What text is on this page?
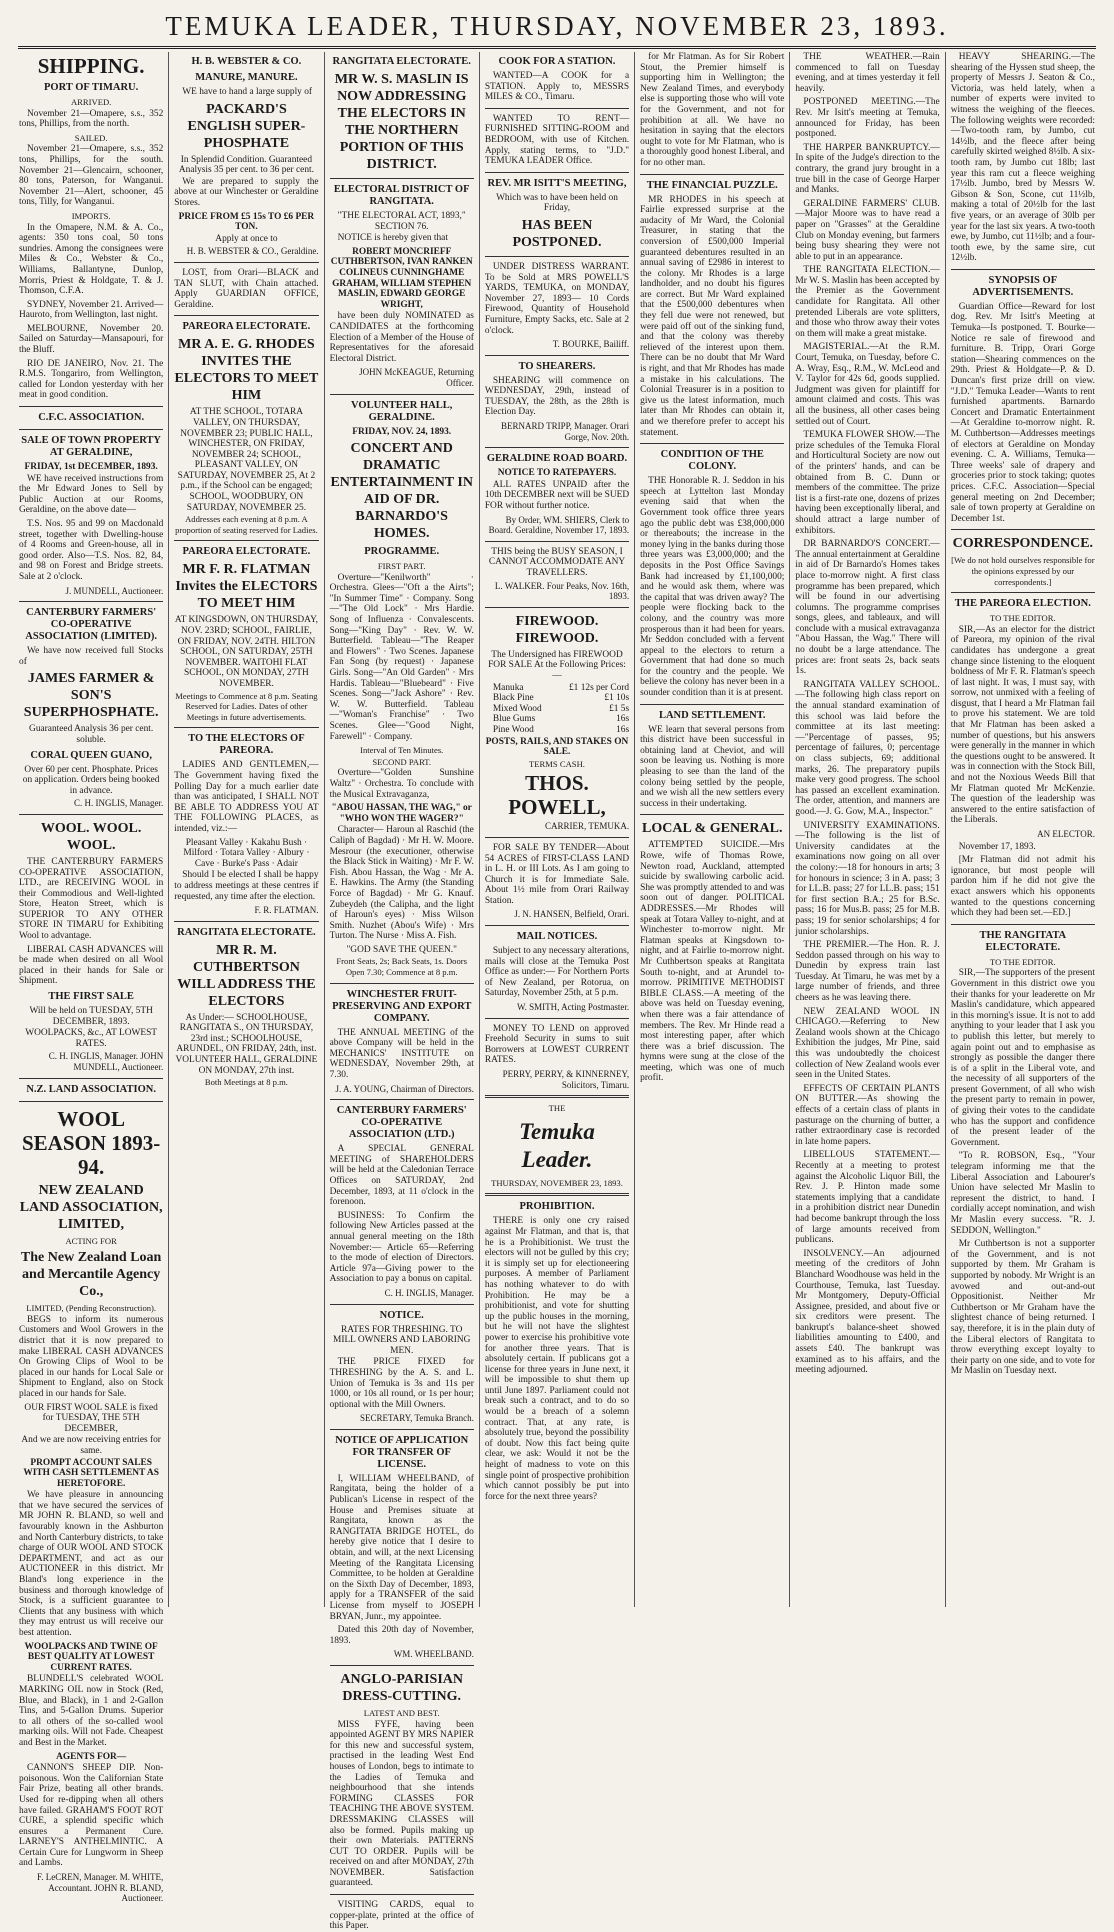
TEMUKA LEADER, THURSDAY, NOVEMBER 23, 1893.
SHIPPING.
PORT OF TIMARU.
ARRIVED.

November 21—Omapere, s.s., 352 tons, Phillips, from the north.

SAILED.

November 21—Omapere, s.s., 352 tons, Phillips, for the south. November 21—Glencairn, schooner, 80 tons, Paterson, for Wanganui. November 21—Alert, schooner, 45 tons, Tilly, for Wanganui.

IMPORTS.

In the Omapere, N.M. & A. Co., agents: 350 tons coal, 50 tons sundries. Among the consignees were Miles & Co., Webster & Co., Williams, Ballantyne, Dunlop, Morris, Priest & Holdgate, T. & J. Thomson, C.F.A.

SYDNEY, November 21. Arrived—Hauroto, from Wellington, last night.

MELBOURNE, November 20. Sailed on Saturday—Mansapouri, for the Bluff.

RIO DE JANEIRO, Nov. 21. The R.M.S. Tongariro, from Wellington, called for London yesterday with her meat in good condition.

C.F.C. ASSOCIATION.
SALE OF TOWN PROPERTY AT GERALDINE,
FRIDAY, 1st DECEMBER, 1893.

WE have received instructions from the Mr Edward Jones to Sell by Public Auction at our Rooms, Geraldine, on the above date—

T.S. Nos. 95 and 99 on Macdonald street, together with Dwelling-house of 4 Rooms and Green-house, all in good order. Also—T.S. Nos. 82, 84, and 98 on Forest and Bridge streets. Sale at 2 o'clock.

J. MUNDELL, Auctioneer.
CANTERBURY FARMERS' CO-OPERATIVE ASSOCIATION (LIMITED).

We have now received full Stocks of

JAMES FARMER & SON'S SUPERPHOSPHATE.
Guaranteed Analysis 36 per cent. soluble.
CORAL QUEEN GUANO,
Over 60 per cent. Phosphate. Prices on application. Orders being booked in advance.
C. H. INGLIS, Manager.
WOOL. WOOL. WOOL.

THE CANTERBURY FARMERS CO-OPERATIVE ASSOCIATION, LTD., are RECEIVING WOOL in their Commodious and Well-lighted Store, Heaton Street, which is SUPERIOR TO ANY OTHER STORE IN TIMARU for Exhibiting Wool to advantage.

LIBERAL CASH ADVANCES will be made when desired on all Wool placed in their hands for Sale or Shipment.

THE FIRST SALE
Will be held on TUESDAY, 5TH DECEMBER, 1893.
WOOLPACKS, &c., AT LOWEST RATES.
C. H. INGLIS, Manager. JOHN MUNDELL, Auctioneer.
N.Z. LAND ASSOCIATION.
WOOL SEASON 1893-94.
NEW ZEALAND LAND ASSOCIATION, LIMITED,
ACTING FOR
The New Zealand Loan and Mercantile Agency Co.,
LIMITED, (Pending Reconstruction).

BEGS to inform its numerous Customers and Wool Growers in the district that it is now prepared to make LIBERAL CASH ADVANCES On Growing Clips of Wool to be placed in our hands for Local Sale or Shipment to England, also on Stock placed in our hands for Sale.

OUR FIRST WOOL SALE is fixed for TUESDAY, THE 5TH DECEMBER,
And we are now receiving entries for same.
PROMPT ACCOUNT SALES WITH CASH SETTLEMENT AS HERETOFORE.

We have pleasure in announcing that we have secured the services of MR JOHN R. BLAND, so well and favourably known in the Ashburton and North Canterbury districts, to take charge of OUR WOOL AND STOCK DEPARTMENT, and act as our AUCTIONEER in this district. Mr Bland's long experience in the business and thorough knowledge of Stock, is a sufficient guarantee to Clients that any business with which they may entrust us will receive our best attention.

WOOLPACKS AND TWINE OF BEST QUALITY AT LOWEST CURRENT RATES.

BLUNDELL'S celebrated WOOL MARKING OIL now in Stock (Red, Blue, and Black), in 1 and 2-Gallon Tins, and 5-Gallon Drums. Superior to all others of the so-called wool marking oils. Will not Fade. Cheapest and Best in the Market.

AGENTS FOR—

CANNON'S SHEEP DIP. Non-poisonous. Won the Californian State Fair Prize, beating all other brands. Used for re-dipping when all others have failed. GRAHAM'S FOOT ROT CURE, a splendid specific which ensures a Permanent Cure. LARNEY'S ANTHELMINTIC. A Certain Cure for Lungworm in Sheep and Lambs.

F. LeCREN, Manager. M. WHITE, Accountant. JOHN R. BLAND, Auctioneer.
H. B. WEBSTER & CO.
MANURE, MANURE.

WE have to hand a large supply of

PACKARD'S ENGLISH SUPER-PHOSPHATE
In Splendid Condition. Guaranteed Analysis 35 per cent. to 36 per cent.

We are prepared to supply the above at our Winchester or Geraldine Stores.

PRICE FROM £5 15s TO £6 PER TON.
Apply at once to
H. B. WEBSTER & CO., Geraldine.

LOST, from Orari—BLACK and TAN SLUT, with Chain attached. Apply GUARDIAN OFFICE, Geraldine.

PAREORA ELECTORATE.
MR A. E. G. RHODES INVITES THE ELECTORS TO MEET HIM
AT THE SCHOOL, TOTARA VALLEY, ON THURSDAY, NOVEMBER 23; PUBLIC HALL, WINCHESTER, ON FRIDAY, NOVEMBER 24; SCHOOL, PLEASANT VALLEY, ON SATURDAY, NOVEMBER 25, At 2 p.m., if the School can be engaged; SCHOOL, WOODBURY, ON SATURDAY, NOVEMBER 25.
Addresses each evening at 8 p.m. A proportion of seating reserved for Ladies.
PAREORA ELECTORATE.
MR F. R. FLATMAN Invites the ELECTORS TO MEET HIM
AT KINGSDOWN, ON THURSDAY, NOV. 23RD; SCHOOL, FAIRLIE, ON FRIDAY, NOV. 24TH. HILTON SCHOOL, ON SATURDAY, 25TH NOVEMBER. WAITOHI FLAT SCHOOL, ON MONDAY, 27TH NOVEMBER.
Meetings to Commence at 8 p.m. Seating Reserved for Ladies. Dates of other Meetings in future advertisements.
TO THE ELECTORS OF PAREORA.

LADIES AND GENTLEMEN,—The Government having fixed the Polling Day for a much earlier date than was anticipated, I SHALL NOT BE ABLE TO ADDRESS YOU AT THE FOLLOWING PLACES, as intended, viz.:—

Pleasant Valley · Kakahu Bush · Milford · Totara Valley · Albury · Cave · Burke's Pass · Adair

Should I be elected I shall be happy to address meetings at these centres if requested, any time after the election.

F. R. FLATMAN.
RANGITATA ELECTORATE.
MR R. M. CUTHBERTSON WILL ADDRESS THE ELECTORS
As Under:— SCHOOLHOUSE, RANGITATA S., ON THURSDAY, 23rd inst.; SCHOOLHOUSE, ARUNDEL, ON FRIDAY, 24th, inst. VOLUNTEER HALL, GERALDINE ON MONDAY, 27th inst.
Both Meetings at 8 p.m.
RANGITATA ELECTORATE.
MR W. S. MASLIN IS NOW ADDRESSING THE ELECTORS IN THE NORTHERN PORTION OF THIS DISTRICT.
ELECTORAL DISTRICT OF RANGITATA.
"THE ELECTORAL ACT, 1893," SECTION 76.

NOTICE is hereby given that

ROBERT MONCRIEFF CUTHBERTSON, IVAN RANKEN COLINEUS CUNNINGHAME GRAHAM, WILLIAM STEPHEN MASLIN, EDWARD GEORGE WRIGHT,

have been duly NOMINATED as CANDIDATES at the forthcoming Election of a Member of the House of Representatives for the aforesaid Electoral District.

JOHN McKEAGUE, Returning Officer.
VOLUNTEER HALL, GERALDINE.
FRIDAY, NOV. 24, 1893.
CONCERT AND DRAMATIC ENTERTAINMENT IN AID OF DR. BARNARDO'S HOMES.
PROGRAMME.
FIRST PART.

Overture—"Kenilworth" · Orchestra. Glees—"Oft a the Airts"; "In Summer Time" · Company. Song—"The Old Lock" · Mrs Hardie. Song of Influenza · Convalescents. Song—"King Day" · Rev. W. W. Butterfield. Tableau—"The Reaper and Flowers" · Two Scenes. Japanese Fan Song (by request) · Japanese Girls. Song—"An Old Garden" · Mrs Hardis. Tableau—"Bluebeard" · Five Scenes. Song—"Jack Ashore" · Rev. W. W. Butterfield. Tableau—"Woman's Franchise" · Two Scenes. Glee—"Good Night, Farewell" · Company.

Interval of Ten Minutes.
SECOND PART.

Overture—"Golden Sunshine Waltz" · Orchestra. To conclude with the Musical Extravaganza,

"ABOU HASSAN, THE WAG," or "WHO WON THE WAGER?"

Character— Haroun al Raschid (the Caliph of Bagdad) · Mr H. W. Moore. Mesrour (the executioner, otherwise the Black Stick in Waiting) · Mr F. W. Fish. Abou Hassan, the Wag · Mr A. E. Hawkins. The Army (the Standing Force of Bagdad) · Mr G. Knauf. Zubeydeh (the Calipha, and the light of Haroun's eyes) · Miss Wilson Smith. Nuzhet (Abou's Wife) · Mrs Turton. The Nurse · Miss A. Fish.

"GOD SAVE THE QUEEN."
Front Seats, 2s; Back Seats, 1s. Doors Open 7.30; Commence at 8 p.m.
WINCHESTER FRUIT-PRESERVING AND EXPORT COMPANY.

THE ANNUAL MEETING of the above Company will be held in the MECHANICS' INSTITUTE on WEDNESDAY, November 29th, at 7.30.

J. A. YOUNG, Chairman of Directors.
CANTERBURY FARMERS' CO-OPERATIVE ASSOCIATION (LTD.)

A SPECIAL GENERAL MEETING of SHAREHOLDERS will be held at the Caledonian Terrace Offices on SATURDAY, 2nd December, 1893, at 11 o'clock in the forenoon.

BUSINESS: To Confirm the following New Articles passed at the annual general meeting on the 18th November:— Article 65—Referring to the mode of election of Directors. Article 97a—Giving power to the Association to pay a bonus on capital.

C. H. INGLIS, Manager.
NOTICE.
RATES FOR THRESHING. TO MILL OWNERS AND LABORING MEN.

THE PRICE FIXED for THRESHING by the A. S. and L. Union of Temuka is 3s and 11s per 1000, or 10s all round, or 1s per hour; optional with the Mill Owners.

SECRETARY, Temuka Branch.
NOTICE OF APPLICATION FOR TRANSFER OF LICENSE.

I, WILLIAM WHEELBAND, of Rangitata, being the holder of a Publican's License in respect of the House and Premises situate at Rangitata, known as the RANGITATA BRIDGE HOTEL, do hereby give notice that I desire to obtain, and will, at the next Licensing Meeting of the Rangitata Licensing Committee, to be holden at Geraldine on the Sixth Day of December, 1893, apply for a TRANSFER of the said License from myself to JOSEPH BRYAN, Junr., my appointee.

Dated this 20th day of November, 1893.

WM. WHEELBAND.
ANGLO-PARISIAN DRESS-CUTTING.
LATEST AND BEST.

MISS FYFE, having been appointed AGENT BY MRS NAPIER for this new and successful system, practised in the leading West End houses of London, begs to intimate to the Ladies of Temuka and neighbourhood that she intends FORMING CLASSES FOR TEACHING THE ABOVE SYSTEM. DRESSMAKING CLASSES will also be formed. Pupils making up their own Materials. PATTERNS CUT TO ORDER. Pupils will be received on and after MONDAY, 27th NOVEMBER. Satisfaction guaranteed.

VISITING CARDS, equal to copper-plate, printed at the office of this Paper.

COOK FOR A STATION.

WANTED—A COOK for a STATION. Apply to, MESSRS MILES & CO., Timaru.

WANTED TO RENT—FURNISHED SITTING-ROOM and BEDROOM, with use of Kitchen. Apply, stating terms, to "J.D." TEMUKA LEADER Office.

REV. MR ISITT'S MEETING,
Which was to have been held on Friday,
HAS BEEN POSTPONED.

UNDER DISTRESS WARRANT. To be Sold at MRS POWELL'S YARDS, TEMUKA, on MONDAY, November 27, 1893— 10 Cords Firewood, Quantity of Household Furniture, Empty Sacks, etc. Sale at 2 o'clock.

T. BOURKE, Bailiff.
TO SHEARERS.

SHEARING will commence on WEDNESDAY, 29th, instead of TUESDAY, the 28th, as the 28th is Election Day.

BERNARD TRIPP, Manager. Orari Gorge, Nov. 20th.
GERALDINE ROAD BOARD.
NOTICE TO RATEPAYERS.

ALL RATES UNPAID after the 10th DECEMBER next will be SUED FOR without further notice.

By Order, WM. SHIERS, Clerk to Board. Geraldine, November 17, 1893.
THIS being the BUSY SEASON, I CANNOT ACCOMMODATE ANY TRAVELLERS.
L. WALKER. Four Peaks, Nov. 16th, 1893.
FIREWOOD. FIREWOOD.
The Undersigned has FIREWOOD FOR SALE At the Following Prices:—
Manuka	£1 12s per Cord
Black Pine	£1 10s
Mixed Wood	£1 5s
Blue Gums	16s
Pine Wood	16s
POSTS, RAILS, AND STAKES ON SALE.
TERMS CASH.
THOS. POWELL,
CARRIER, TEMUKA.

FOR SALE BY TENDER—About 54 ACRES of FIRST-CLASS LAND in L. H. or III Lots. As I am going to Church it is for Immediate Sale. About 1½ mile from Orari Railway Station.

J. N. HANSEN, Belfield, Orari.
MAIL NOTICES.

Subject to any necessary alterations, mails will close at the Temuka Post Office as under:— For Northern Ports of New Zealand, per Rotorua, on Saturday, November 25th, at 5 p.m.

W. SMITH, Acting Postmaster.

MONEY TO LEND on approved Freehold Security in sums to suit Borrowers at LOWEST CURRENT RATES.

PERRY, PERRY, & KINNERNEY, Solicitors, Timaru.
THE
Temuka Leader.
THURSDAY, NOVEMBER 23, 1893.
PROHIBITION.

THERE is only one cry raised against Mr Flatman, and that is, that he is a Prohibitionist. We trust the electors will not be gulled by this cry; it is simply set up for electioneering purposes. A member of Parliament has nothing whatever to do with Prohibition. He may be a prohibitionist, and vote for shutting up the public houses in the morning, but he will not have the slightest power to exercise his prohibitive vote for another three years. That is absolutely certain. If publicans got a license for three years in June next, it will be impossible to shut them up until June 1897. Parliament could not break such a contract, and to do so would be a breach of a solemn contract. That, at any rate, is absolutely true, beyond the possibility of doubt. Now this fact being quite clear, we ask: Would it not be the height of madness to vote on this single point of prospective prohibition which cannot possibly be put into force for the next three years?

for Mr Flatman. As for Sir Robert Stout, the Premier himself is supporting him in Wellington; the New Zealand Times, and everybody else is supporting those who will vote for the Government, and not for prohibition at all. We have no hesitation in saying that the electors ought to vote for Mr Flatman, who is a thoroughly good honest Liberal, and for no other man.

THE FINANCIAL PUZZLE.

MR RHODES in his speech at Fairlie expressed surprise at the audacity of Mr Ward, the Colonial Treasurer, in stating that the conversion of £500,000 Imperial guaranteed debentures resulted in an annual saving of £2986 in interest to the colony. Mr Rhodes is a large landholder, and no doubt his figures are correct. But Mr Ward explained that the £500,000 debentures when they fell due were not renewed, but were paid off out of the sinking fund, and that the colony was thereby relieved of the interest upon them. There can be no doubt that Mr Ward is right, and that Mr Rhodes has made a mistake in his calculations. The Colonial Treasurer is in a position to give us the latest information, much later than Mr Rhodes can obtain it, and we therefore prefer to accept his statement.

CONDITION OF THE COLONY.

THE Honorable R. J. Seddon in his speech at Lyttelton last Monday evening said that when the Government took office three years ago the public debt was £38,000,000 or thereabouts; the increase in the money lying in the banks during those three years was £3,000,000; and the deposits in the Post Office Savings Bank had increased by £1,100,000; and he would ask them, where was the capital that was driven away? The people were flocking back to the colony, and the country was more prosperous than it had been for years. Mr Seddon concluded with a fervent appeal to the electors to return a Government that had done so much for the country and the people. We believe the colony has never been in a sounder condition than it is at present.

LAND SETTLEMENT.

WE learn that several persons from this district have been successful in obtaining land at Cheviot, and will soon be leaving us. Nothing is more pleasing to see than the land of the colony being settled by the people, and we wish all the new settlers every success in their undertaking.

LOCAL & GENERAL.

ATTEMPTED SUICIDE.—Mrs Rowe, wife of Thomas Rowe, Newton road, Auckland, attempted suicide by swallowing carbolic acid. She was promptly attended to and was soon out of danger. POLITICAL ADDRESSES.—Mr Rhodes will speak at Totara Valley to-night, and at Winchester to-morrow night. Mr Flatman speaks at Kingsdown to-night, and at Fairlie to-morrow night. Mr Cuthbertson speaks at Rangitata South to-night, and at Arundel to-morrow. PRIMITIVE METHODIST BIBLE CLASS.—A meeting of the above was held on Tuesday evening, when there was a fair attendance of members. The Rev. Mr Hinde read a most interesting paper, after which there was a brief discussion. The hymns were sung at the close of the meeting, which was one of much profit.

THE WEATHER.—Rain commenced to fall on Tuesday evening, and at times yesterday it fell heavily.

POSTPONED MEETING.—The Rev. Mr Isitt's meeting at Temuka, announced for Friday, has been postponed.

THE HARPER BANKRUPTCY.—In spite of the Judge's direction to the contrary, the grand jury brought in a true bill in the case of George Harper and Manks.

GERALDINE FARMERS' CLUB.—Major Moore was to have read a paper on "Grasses" at the Geraldine Club on Monday evening, but farmers being busy shearing they were not able to put in an appearance.

THE RANGITATA ELECTION.—Mr W. S. Maslin has been accepted by the Premier as the Government candidate for Rangitata. All other pretended Liberals are vote splitters, and those who throw away their votes on them will make a great mistake.

MAGISTERIAL.—At the R.M. Court, Temuka, on Tuesday, before C. A. Wray, Esq., R.M., W. McLeod and V. Taylor for 42s 6d, goods supplied. Judgment was given for plaintiff for amount claimed and costs. This was all the business, all other cases being settled out of Court.

TEMUKA FLOWER SHOW.—The prize schedules of the Temuka Floral and Horticultural Society are now out of the printers' hands, and can be obtained from B. C. Dunn or members of the committee. The prize list is a first-rate one, dozens of prizes having been exceptionally liberal, and should attract a large number of exhibitors.

DR BARNARDO'S CONCERT.—The annual entertainment at Geraldine in aid of Dr Barnardo's Homes takes place to-morrow night. A first class programme has been prepared, which will be found in our advertising columns. The programme comprises songs, glees, and tableaux, and will conclude with a musical extravaganza "Abou Hassan, the Wag." There will no doubt be a large attendance. The prices are: front seats 2s, back seats 1s.

RANGITATA VALLEY SCHOOL.—The following high class report on the annual standard examination of this school was laid before the committee at its last meeting:—"Percentage of passes, 95; percentage of failures, 0; percentage on class subjects, 69; additional marks, 26. The preparatory pupils make very good progress. The school has passed an excellent examination. The order, attention, and manners are good.—J. G. Gow, M.A., Inspector."

UNIVERSITY EXAMINATIONS.—The following is the list of University candidates at the examinations now going on all over the colony:—18 for honours in arts; 3 for honours in science; 3 in A. pass; 3 for LL.B. pass; 27 for LL.B. pass; 151 for first section B.A.; 25 for B.Sc. pass; 16 for Mus.B. pass; 25 for M.B. pass; 19 for senior scholarships; 4 for junior scholarships.

THE PREMIER.—The Hon. R. J. Seddon passed through on his way to Dunedin by express train last Tuesday. At Timaru, he was met by a large number of friends, and three cheers as he was leaving there.

NEW ZEALAND WOOL IN CHICAGO.—Referring to New Zealand wools shown at the Chicago Exhibition the judges, Mr Pine, said this was undoubtedly the choicest collection of New Zealand wools ever seen in the United States.

EFFECTS OF CERTAIN PLANTS ON BUTTER.—As showing the effects of a certain class of plants in pasturage on the churning of butter, a rather extraordinary case is recorded in late home papers.

LIBELLOUS STATEMENT.—Recently at a meeting to protest against the Alcoholic Liquor Bill, the Rev. J. P. Hinton made some statements implying that a candidate in a prohibition district near Dunedin had become bankrupt through the loss of large amounts received from publicans.

INSOLVENCY.—An adjourned meeting of the creditors of John Blanchard Woodhouse was held in the Courthouse, Temuka, last Tuesday. Mr Montgomery, Deputy-Official Assignee, presided, and about five or six creditors were present. The bankrupt's balance-sheet showed liabilities amounting to £400, and assets £40. The bankrupt was examined as to his affairs, and the meeting adjourned.

HEAVY SHEARING.—The shearing of the Hyssen stud sheep, the property of Messrs J. Seaton & Co., Victoria, was held lately, when a number of experts were invited to witness the weighing of the fleeces. The following weights were recorded:—Two-tooth ram, by Jumbo, cut 14½lb, and the fleece after being carefully skirted weighed 8½lb. A six-tooth ram, by Jumbo cut 18lb; last year this ram cut a fleece weighing 17½lb. Jumbo, bred by Messrs W. Gibson & Son, Scone, cut 11½lb, making a total of 20½lb for the last five years, or an average of 30lb per year for the last six years. A two-tooth ewe, by Jumbo, cut 11½lb; and a four-tooth ewe, by the same sire, cut 12½lb.

SYNOPSIS OF ADVERTISEMENTS.

Guardian Office—Reward for lost dog. Rev. Mr Isitt's Meeting at Temuka—Is postponed. T. Bourke—Notice re sale of firewood and furniture. B. Tripp, Orari Gorge station—Shearing commences on the 29th. Priest & Holdgate—P. & D. Duncan's first prize drill on view. "J.D." Temuka Leader—Wants to rent furnished apartments. Barnardo Concert and Dramatic Entertainment—At Geraldine to-morrow night. R. M. Cuthbertson—Addresses meetings of electors at Geraldine on Monday evening. C. A. Williams, Temuka—Three weeks' sale of drapery and groceries prior to stock taking; quotes prices. C.F.C. Association—Special general meeting on 2nd December; sale of town property at Geraldine on December 1st.

CORRESPONDENCE.
[We do not hold ourselves responsible for the opinions expressed by our correspondents.]
THE PAREORA ELECTION.
TO THE EDITOR.

SIR,—As an elector for the district of Pareora, my opinion of the rival candidates has undergone a great change since listening to the eloquent boldness of Mr F. R. Flatman's speech of last night. It was, I must say, with sorrow, not unmixed with a feeling of disgust, that I heard a Mr Flatman fail to prove his statement. We are told that Mr Flatman has been asked a number of questions, but his answers were generally in the manner in which the questions ought to be answered. It was in connection with the Stock Bill, and not the Noxious Weeds Bill that Mr Flatman quoted Mr McKenzie. The question of the leadership was answered to the entire satisfaction of the Liberals.

AN ELECTOR.

November 17, 1893.

[Mr Flatman did not admit his ignorance, but most people will pardon him if he did not give the exact answers which his opponents wanted to the questions concerning which they had been set.—ED.]

THE RANGITATA ELECTORATE.
TO THE EDITOR.

SIR,—The supporters of the present Government in this district owe you their thanks for your leaderette on Mr Maslin's candidature, which appeared in this morning's issue. It is not to add anything to your leader that I ask you to publish this letter, but merely to again point out and to emphasise as strongly as possible the danger there is of a split in the Liberal vote, and the necessity of all supporters of the present Government, of all who wish the present party to remain in power, of giving their votes to the candidate who has the support and confidence of the present leader of the Government.

"To R. ROBSON, Esq., "Your telegram informing me that the Liberal Association and Labourer's Union have selected Mr Maslin to represent the district, to hand. I cordially accept nomination, and wish Mr Maslin every success. "R. J. SEDDON, Wellington."

Mr Cuthbertson is not a supporter of the Government, and is not supported by them. Mr Graham is supported by nobody. Mr Wright is an avowed and out-and-out Oppositionist. Neither Mr Cuthbertson or Mr Graham have the slightest chance of being returned. I say, therefore, it is in the plain duty of the Liberal electors of Rangitata to throw everything except loyalty to their party on one side, and to vote for Mr Maslin on Tuesday next.
